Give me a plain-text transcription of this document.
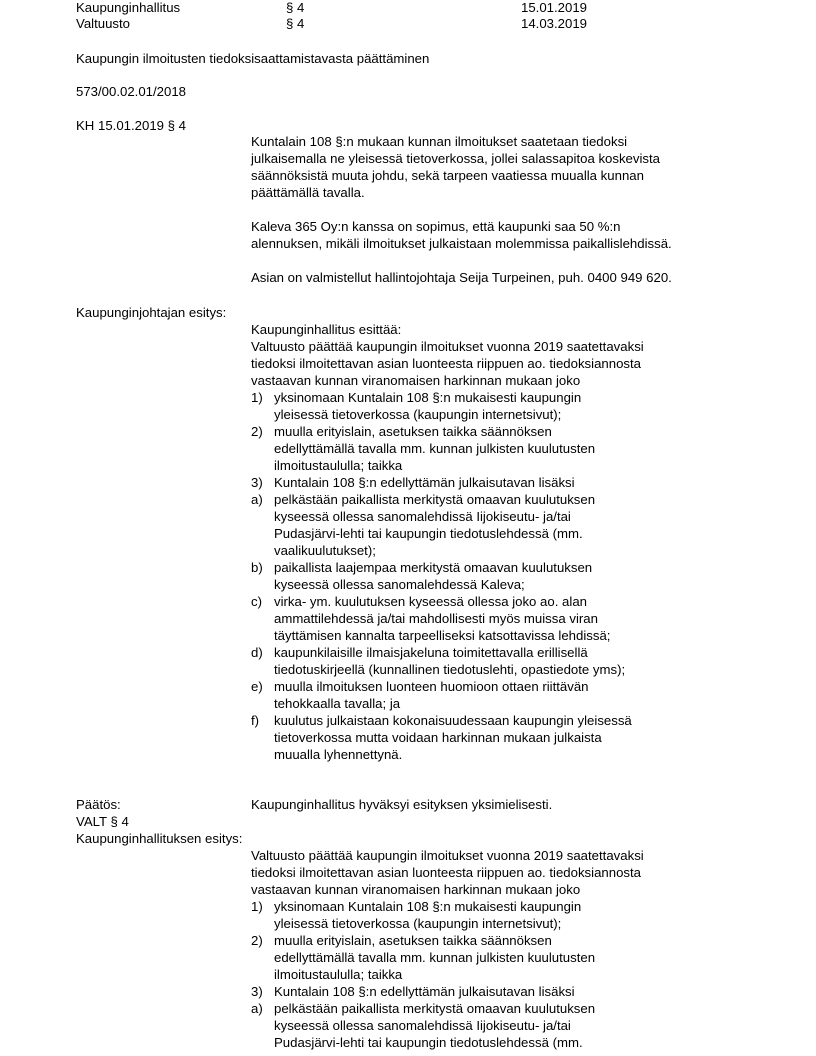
Kaupunginhallitus	§ 4	15.01.2019
Valtuusto	§ 4	14.03.2019
Kaupungin ilmoitusten tiedoksisaattamistavasta päättäminen
573/00.02.01/2018
KH 15.01.2019 § 4
Kuntalain 108 §:n mukaan kunnan ilmoitukset saatetaan tiedoksi
julkaisemalla ne yleisessä tietoverkossa, jollei salassapitoa koskevista
säännöksistä muuta johdu, sekä tarpeen vaatiessa muualla kunnan
päättämällä tavalla.
Kaleva 365 Oy:n kanssa on sopimus, että kaupunki saa 50 %:n
alennuksen, mikäli ilmoitukset julkaistaan molemmissa paikallislehdissä.
Asian on valmistellut hallintojohtaja Seija Turpeinen, puh. 0400 949 620.
Kaupunginjohtajan esitys:
Kaupunginhallitus esittää:
Valtuusto päättää kaupungin ilmoitukset vuonna 2019 saatettavaksi
tiedoksi ilmoitettavan asian luonteesta riippuen ao. tiedoksiannosta
vastaavan kunnan viranomaisen harkinnan mukaan joko
1) yksinomaan Kuntalain 108 §:n mukaisesti kaupungin
yleisessä tietoverkossa (kaupungin internetsivut);
2) muulla erityislain, asetuksen taikka säännöksen
edellyttämällä tavalla mm. kunnan julkisten kuulutusten
ilmoitustaululla; taikka
3) Kuntalain 108 §:n edellyttämän julkaisutavan lisäksi
a) pelkästään paikallista merkitystä omaavan kuulutuksen
kyseessä ollessa sanomalehdissä Iijokiseutu- ja/tai
Pudasjärvi-lehti tai kaupungin tiedotuslehdessä (mm.
vaalikuulutukset);
b) paikallista laajempaa merkitystä omaavan kuulutuksen
kyseessä ollessa sanomalehdessä Kaleva;
c) virka- ym. kuulutuksen kyseessä ollessa joko ao. alan
ammattilehdessä ja/tai mahdollisesti myös muissa viran
täyttämisen kannalta tarpeelliseksi katsottavissa lehdissä;
d) kaupunkilaisille ilmaisjakeluna toimitettavalla erillisellä
tiedotuskirjeellä (kunnallinen tiedotuslehti, opastiedote yms);
e) muulla ilmoituksen luonteen huomioon ottaen riittävän
tehokkaalla tavalla; ja
f) kuulutus julkaistaan kokonaisuudessaan kaupungin yleisessä
tietoverkossa mutta voidaan harkinnan mukaan julkaista
muualla lyhennettynä.
Päätös:	Kaupunginhallitus hyväksyi esityksen yksimielisesti.
VALT § 4
Kaupunginhallituksen esitys:
Valtuusto päättää kaupungin ilmoitukset vuonna 2019 saatettavaksi
tiedoksi ilmoitettavan asian luonteesta riippuen ao. tiedoksiannosta
vastaavan kunnan viranomaisen harkinnan mukaan joko
1) yksinomaan Kuntalain 108 §:n mukaisesti kaupungin
yleisessä tietoverkossa (kaupungin internetsivut);
2) muulla erityislain, asetuksen taikka säännöksen
edellyttämällä tavalla mm. kunnan julkisten kuulutusten
ilmoitustaululla; taikka
3) Kuntalain 108 §:n edellyttämän julkaisutavan lisäksi
a) pelkästään paikallista merkitystä omaavan kuulutuksen
kyseessä ollessa sanomalehdissä Iijokiseutu- ja/tai
Pudasjärvi-lehti tai kaupungin tiedotuslehdessä (mm.
